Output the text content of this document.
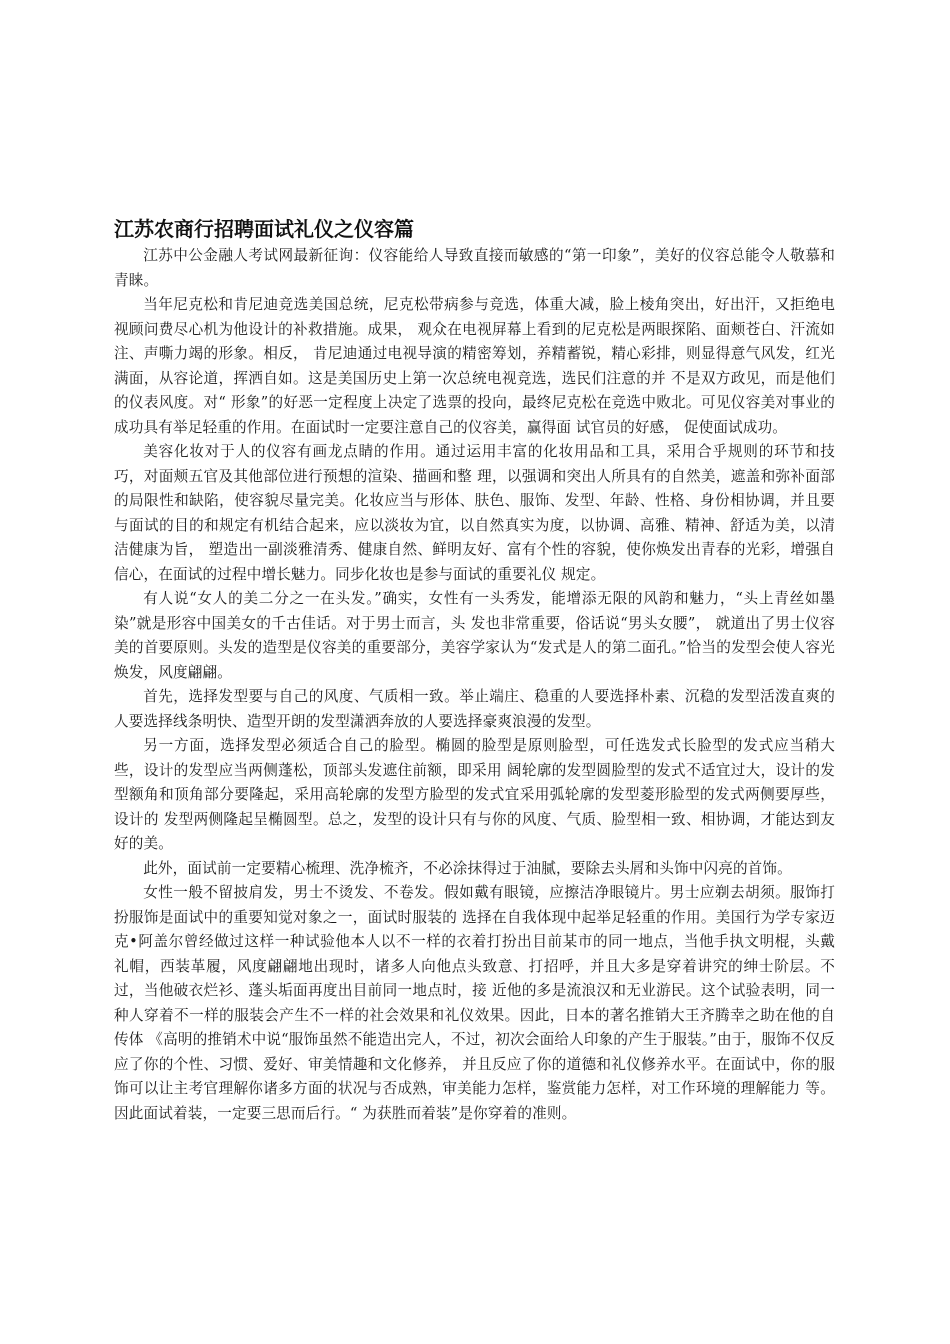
江苏农商行招聘面试礼仪之仪容篇

江苏中公金融人考试网最新征询：仪容能给人导致直接而敏感的“第一印象”，美好的仪容总能令人敬慕和青睐。

当年尼克松和肯尼迪竞选美国总统，尼克松带病参与竞选，体重大减，脸上棱角突出，好出汗，又拒绝电视顾问费尽心机为他设计的补救措施。成果， 观众在电视屏幕上看到的尼克松是两眼探陷、面颊苍白、汗流如注、声嘶力竭的形象。相反， 肯尼迪通过电视导演的精密筹划，养精蓄锐，精心彩排，则显得意气风发，红光满面，从容论道，挥洒自如。这是美国历史上第一次总统电视竞选，选民们注意的并 不是双方政见，而是他们的仪表风度。对“ 形象”的好恶一定程度上决定了选票的投向，最终尼克松在竞选中败北。可见仪容美对事业的成功具有举足轻重的作用。在面试时一定要注意自己的仪容美，赢得面 试官员的好感， 促使面试成功。

美容化妆对于人的仪容有画龙点睛的作用。通过运用丰富的化妆用品和工具，采用合乎规则的环节和技巧，对面颊五官及其他部位进行预想的渲染、描画和整 理，以强调和突出人所具有的自然美，遮盖和弥补面部的局限性和缺陷，使容貌尽量完美。化妆应当与形体、肤色、服饰、发型、年龄、性格、身份相协调，并且要 与面试的目的和规定有机结合起来，应以淡妆为宜，以自然真实为度，以协调、高雅、精神、舒适为美，以清洁健康为旨， 塑造出一副淡雅清秀、健康自然、鲜明友好、富有个性的容貌，使你焕发出青春的光彩，增强自信心，在面试的过程中增长魅力。同步化妆也是参与面试的重要礼仪 规定。

有人说“女人的美二分之一在头发。”确实，女性有一头秀发，能增添无限的风韵和魅力，“头上青丝如墨染”就是形容中国美女的千古佳话。对于男士而言，头 发也非常重要，俗话说“男头女腰”， 就道出了男士仪容美的首要原则。头发的造型是仪容美的重要部分，美容学家认为“发式是人的第二面孔。”恰当的发型会使人容光焕发，风度翩翩。

首先，选择发型要与自己的风度、气质相一致。举止端庄、稳重的人要选择朴素、沉稳的发型活泼直爽的人要选择线条明快、造型开朗的发型潇洒奔放的人要选择豪爽浪漫的发型。

另一方面，选择发型必须适合自己的脸型。椭圆的脸型是原则脸型，可任选发式长脸型的发式应当稍大些，设计的发型应当两侧蓬松，顶部头发遮住前额，即采用 阔轮廓的发型圆脸型的发式不适宜过大，设计的发型额角和顶角部分要隆起，采用高轮廓的发型方脸型的发式宜采用弧轮廓的发型菱形脸型的发式两侧要厚些，设计的 发型两侧隆起呈椭圆型。总之，发型的设计只有与你的风度、气质、脸型相一致、相协调，才能达到友好的美。

此外，面试前一定要精心梳理、洗净梳齐，不必涂抹得过于油腻，要除去头屑和头饰中闪亮的首饰。

女性一般不留披肩发，男士不烫发、不卷发。假如戴有眼镜，应擦洁净眼镜片。男士应剃去胡须。服饰打扮服饰是面试中的重要知觉对象之一，面试时服装的 选择在自我体现中起举足轻重的作用。美国行为学专家迈克•阿盖尔曾经做过这样一种试验他本人以不一样的衣着打扮出目前某市的同一地点，当他手执文明棍，头戴 礼帽，西装革履，风度翩翩地出现时，诸多人向他点头致意、打招呼，并且大多是穿着讲究的绅士阶层。不过，当他破衣烂衫、蓬头垢面再度出目前同一地点时，接 近他的多是流浪汉和无业游民。这个试验表明，同一种人穿着不一样的服装会产生不一样的社会效果和礼仪效果。因此，日本的著名推销大王齐腾幸之助在他的自传体 《高明的推销术中说“服饰虽然不能造出完人，不过，初次会面给人印象的产生于服装。”由于，服饰不仅反应了你的个性、习惯、爱好、审美情趣和文化修养， 并且反应了你的道德和礼仪修养水平。在面试中，你的服饰可以让主考官理解你诸多方面的状况与否成熟，审美能力怎样，鉴赏能力怎样，对工作环境的理解能力 等。因此面试着装，一定要三思而后行。“ 为获胜而着装”是你穿着的准则。
